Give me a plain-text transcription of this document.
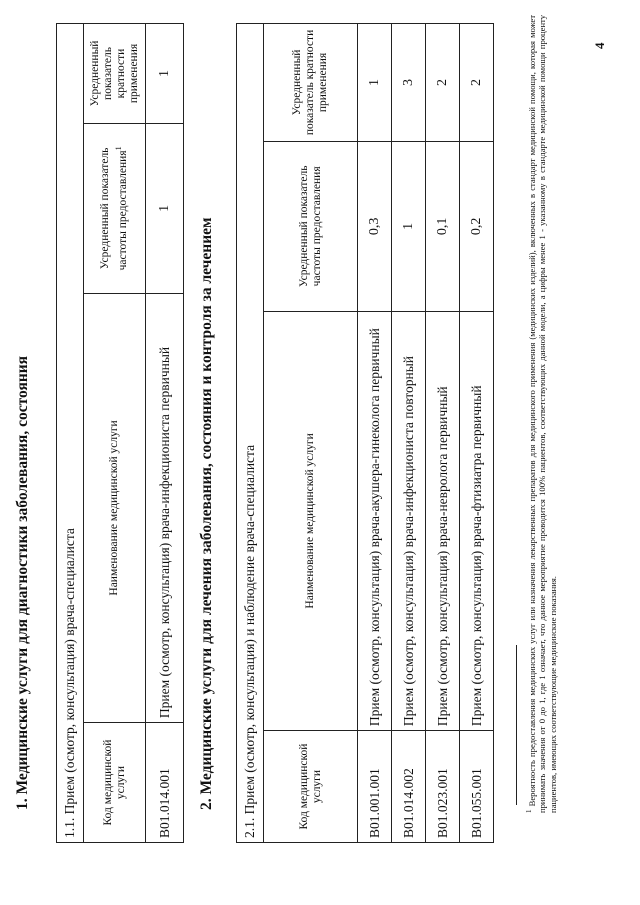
1. Медицинские услуги для диагностики заболевания, состояния 1.1. Прием (осмотр, консультация) врача-специалиста			
Код медицинской услуги	Наименование медицинской услуги	Усредненный показатель частоты предоставления$^1$	Усредненный показатель кратности применения
B01.014.001	Прием (осмотр, консультация) врача-инфекциониста первичный	1	1
2. Медицинские услуги для лечения заболевания, состояния и контроля за лечением 2.1. Прием (осмотр, консультация) и наблюдение врача-специалиста			
Код медицинской услуги	Наименование медицинской услуги	Усредненный показатель частоты предоставления	Усредненный показатель кратности применения
B01.001.001	Прием (осмотр, консультация) врача-акушера-гинеколога первичный	0,3	1
B01.014.002	Прием (осмотр, консультация) врача-инфекциониста повторный	1	3
B01.023.001	Прием (осмотр, консультация) врача-невролога первичный	0,1	2
B01.055.001	Прием (осмотр, консультация) врача-фтизиатра первичный	0,2	2
$^1$ Вероятность предоставления медицинских услуг или назначения лекарственных препаратов для медицинского применения (медицинских изделий), включенных в стандарт медицинской помощи, которая может принимать значения от 0 до 1, где 1 означает, что данное мероприятие проводится 100% пациентов, соответствующих данной модели, а цифры менее 1 - указанному в стандарте медицинской помощи проценту пациентов, имеющих соответствующие медицинские показания.
4
